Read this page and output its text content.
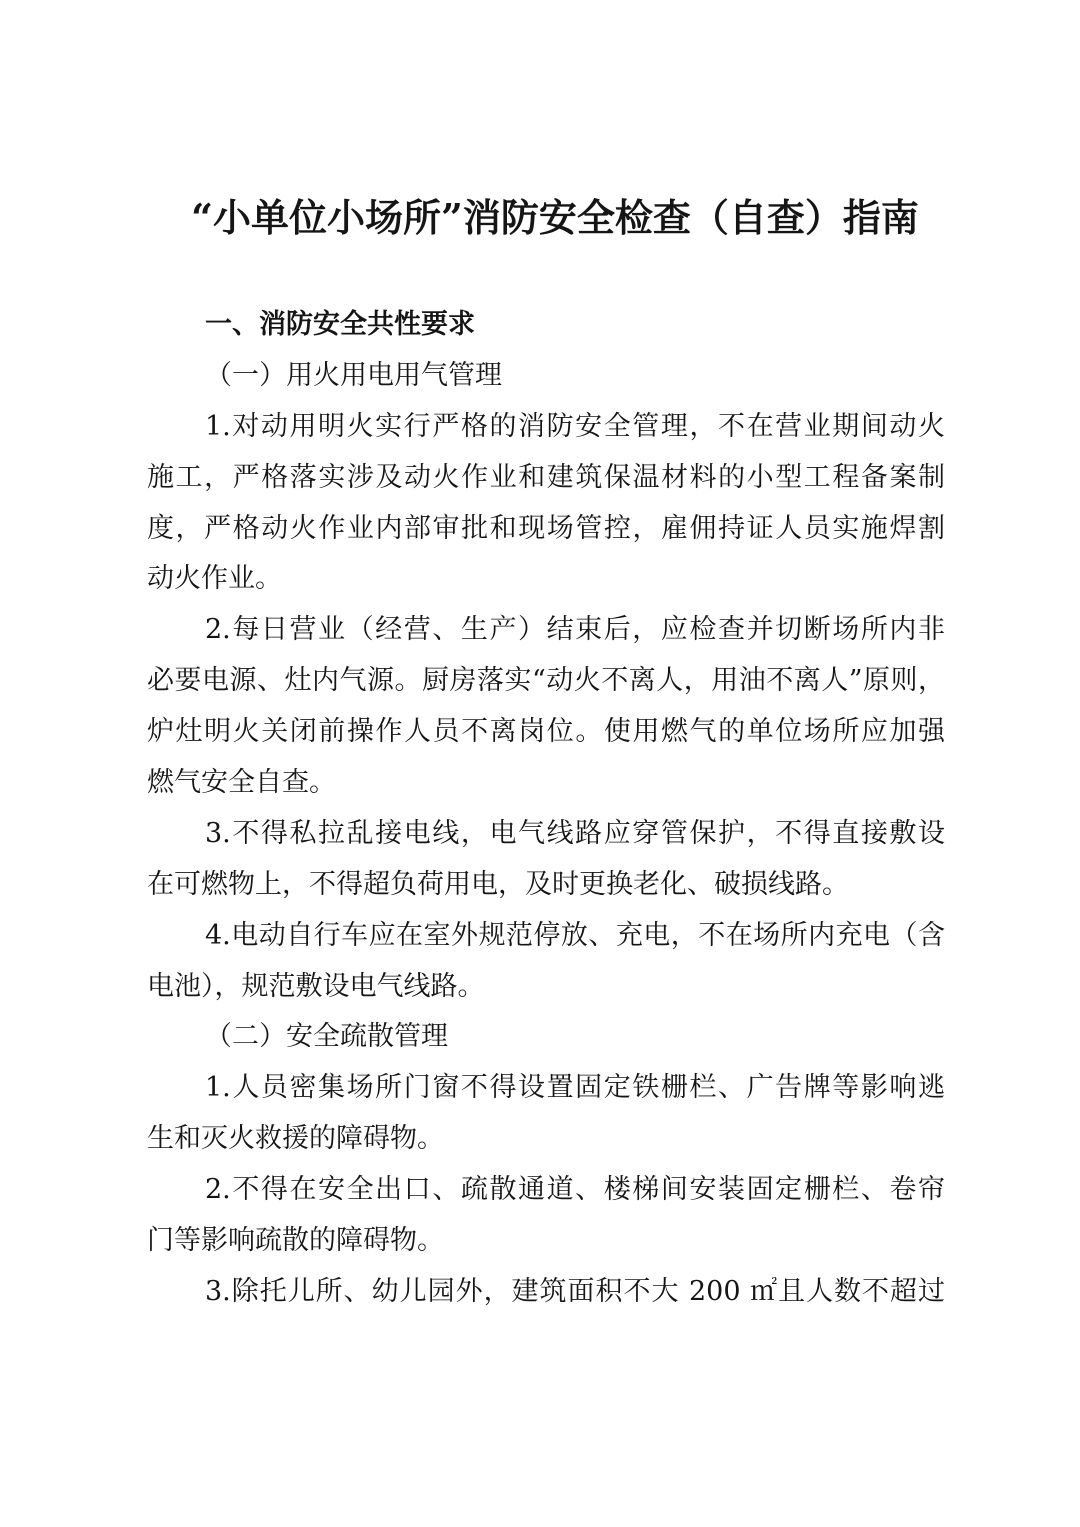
“小单位小场所”消防安全检查（自查）指南
一、消防安全共性要求
（一）用火用电用气管理
1.对动用明火实行严格的消防安全管理，不在营业期间动火
施工，严格落实涉及动火作业和建筑保温材料的小型工程备案制
度，严格动火作业内部审批和现场管控，雇佣持证人员实施焊割
动火作业。
2.每日营业（经营、生产）结束后，应检查并切断场所内非
必要电源、灶内气源。厨房落实“动火不离人，用油不离人”原则，
炉灶明火关闭前操作人员不离岗位。使用燃气的单位场所应加强
燃气安全自查。
3.不得私拉乱接电线，电气线路应穿管保护，不得直接敷设
在可燃物上，不得超负荷用电，及时更换老化、破损线路。
4.电动自行车应在室外规范停放、充电，不在场所内充电（含
电池），规范敷设电气线路。
（二）安全疏散管理
1.人员密集场所门窗不得设置固定铁栅栏、广告牌等影响逃
生和灭火救援的障碍物。
2.不得在安全出口、疏散通道、楼梯间安装固定栅栏、卷帘
门等影响疏散的障碍物。
3.除托儿所、幼儿园外，建筑面积不大 200 ㎡且人数不超过
